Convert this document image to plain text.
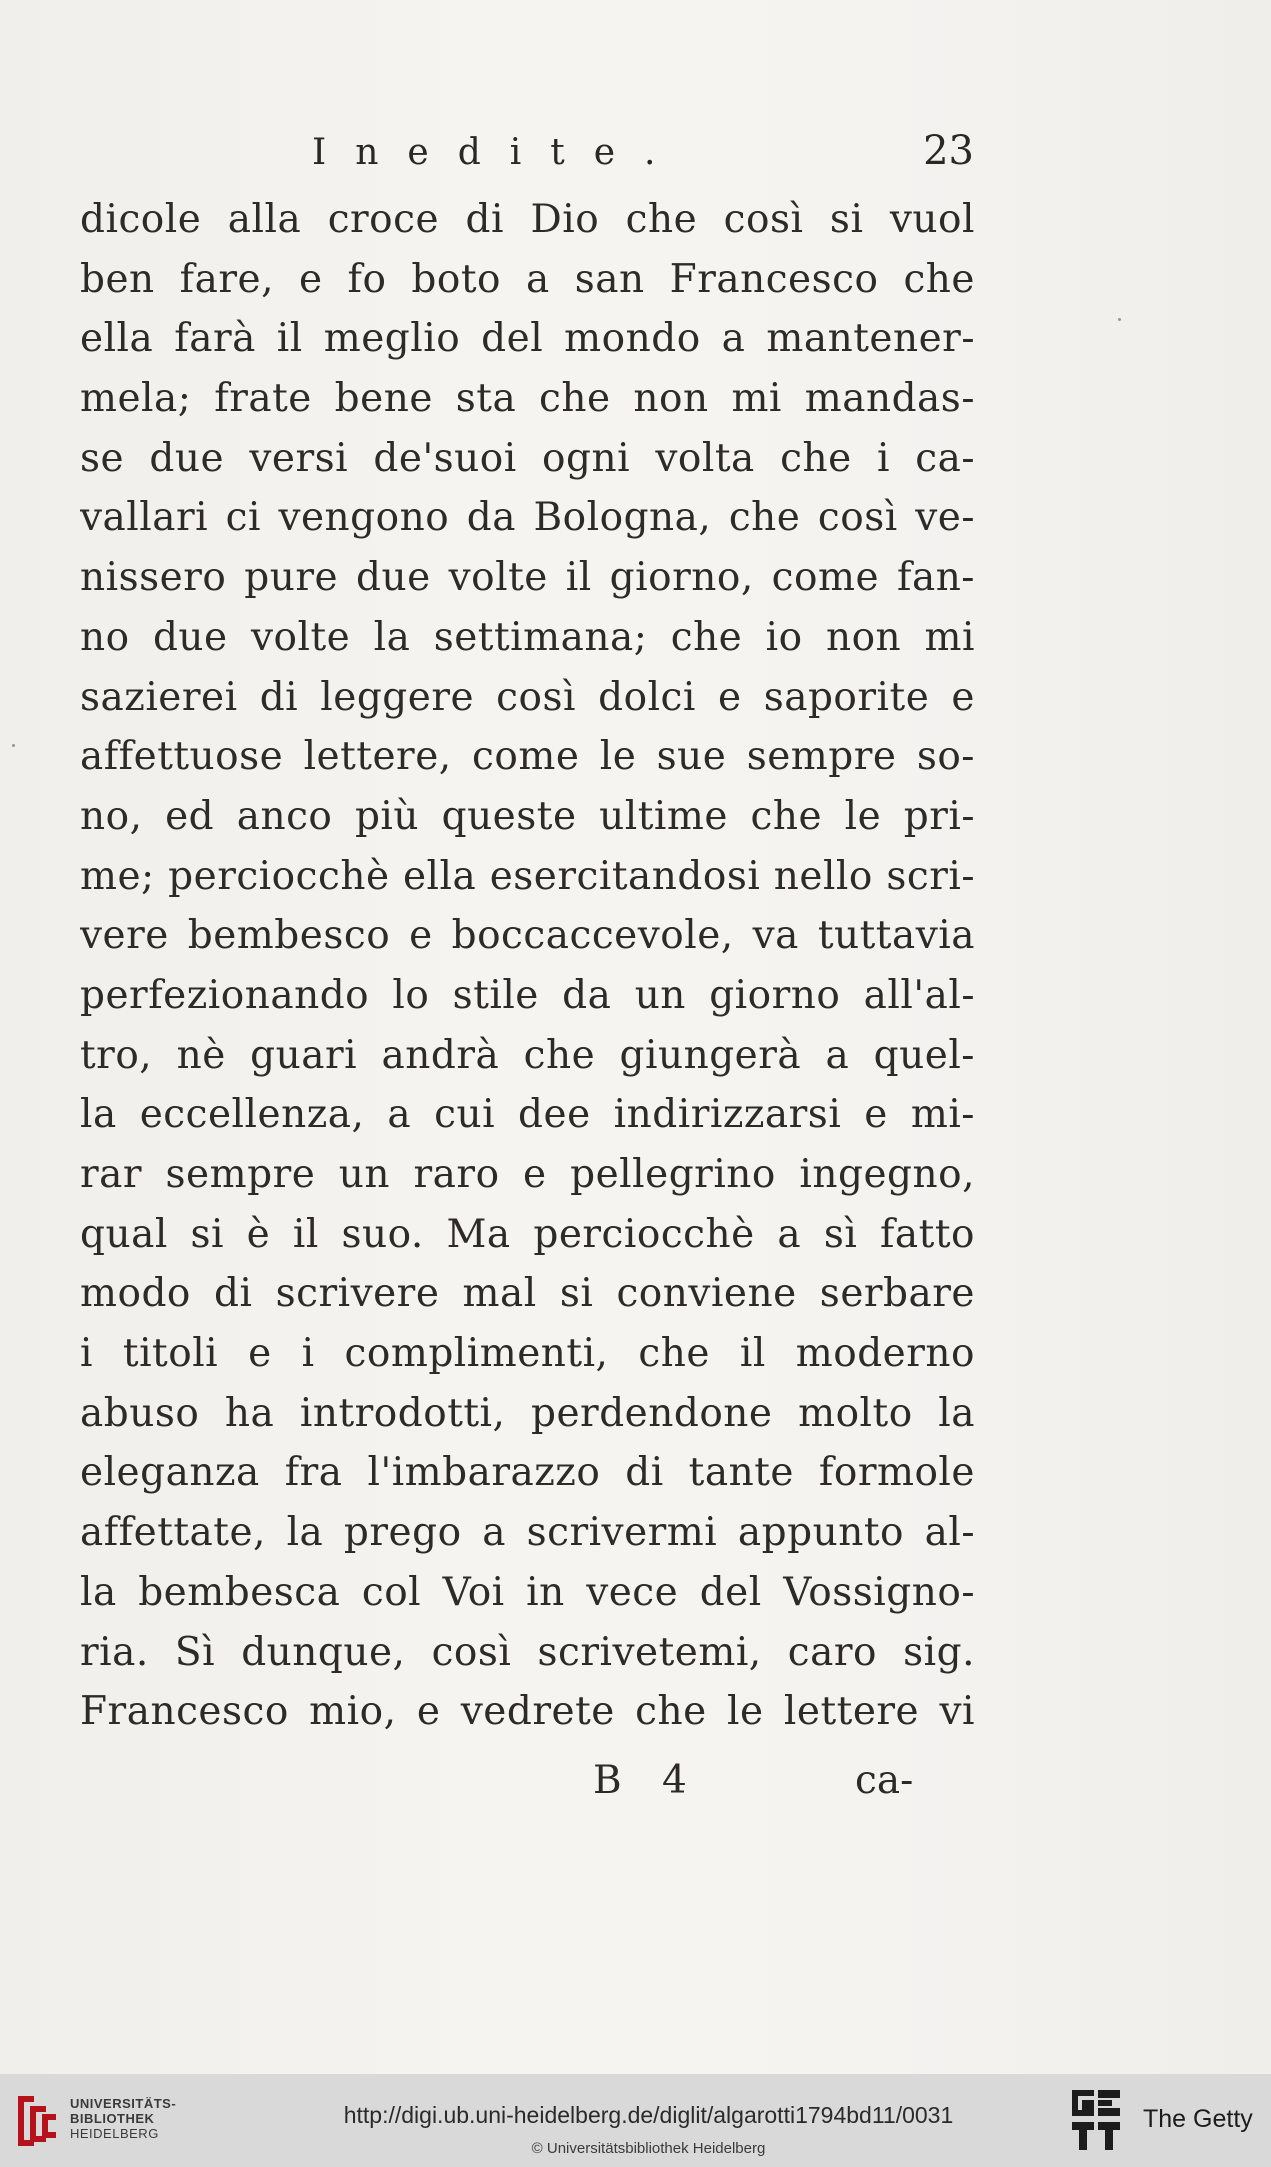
Inedite.	23
dicole alla croce di Dio che così si vuol
ben fare, e fo boto a san Francesco che
ella farà il meglio del mondo a mantener-
mela; frate bene sta che non mi mandas-
se due versi de'suoi ogni volta che i ca-
vallari ci vengono da Bologna, che così ve-
nissero pure due volte il giorno, come fan-
no due volte la settimana; che io non mi
sazierei di leggere così dolci e saporite e
affettuose lettere, come le sue sempre so-
no, ed anco più queste ultime che le pri-
me; perciocchè ella esercitandosi nello scri-
vere bembesco e boccaccevole, va tuttavia
perfezionando lo stile da un giorno all'al-
tro, nè guari andrà che giungerà a quel-
la eccellenza, a cui dee indirizzarsi e mi-
rar sempre un raro e pellegrino ingegno,
qual si è il suo. Ma perciocchè a sì fatto
modo di scrivere mal si conviene serbare
i titoli e i complimenti, che il moderno
abuso ha introdotti, perdendone molto la
eleganza fra l'imbarazzo di tante formole
affettate, la prego a scrivermi appunto al-
la bembesca col Voi in vece del Vossigno-
ria. Sì dunque, così scrivetemi, caro sig.
Francesco mio, e vedrete che le lettere vi
B 4	ca-
UNIVERSITÄTS-
BIBLIOTHEK
HEIDELBERG
http://digi.ub.uni-heidelberg.de/diglit/algarotti1794bd11/0031
© Universitätsbibliothek Heidelberg
The Getty
